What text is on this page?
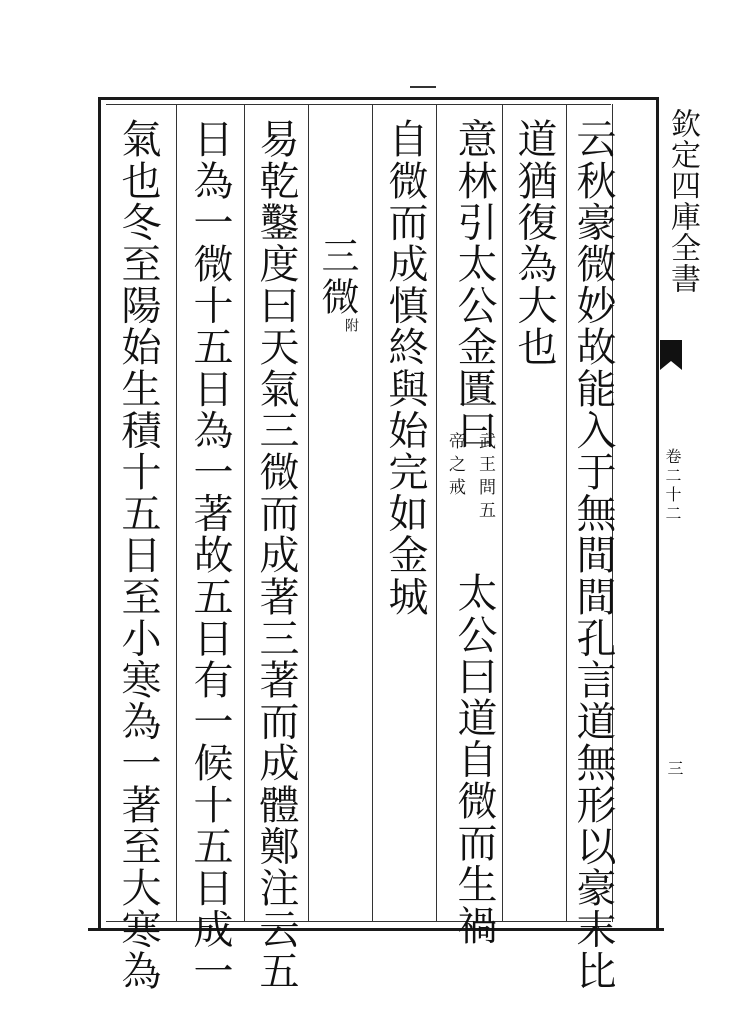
欽定四庫全書
卷二十二
三
云秋豪微妙故能入于無間間孔言道無形以豪末比
道猶復為大也
意林引太公金匱曰
武王問五
帝之戒
太公曰道自微而生禍
自微而成慎終與始完如金城
三微
附
易乾鑿度曰天氣三微而成著三著而成體鄭注云五
日為一微十五日為一著故五日有一候十五日成一
氣也冬至陽始生積十五日至小寒為一著至大寒為
